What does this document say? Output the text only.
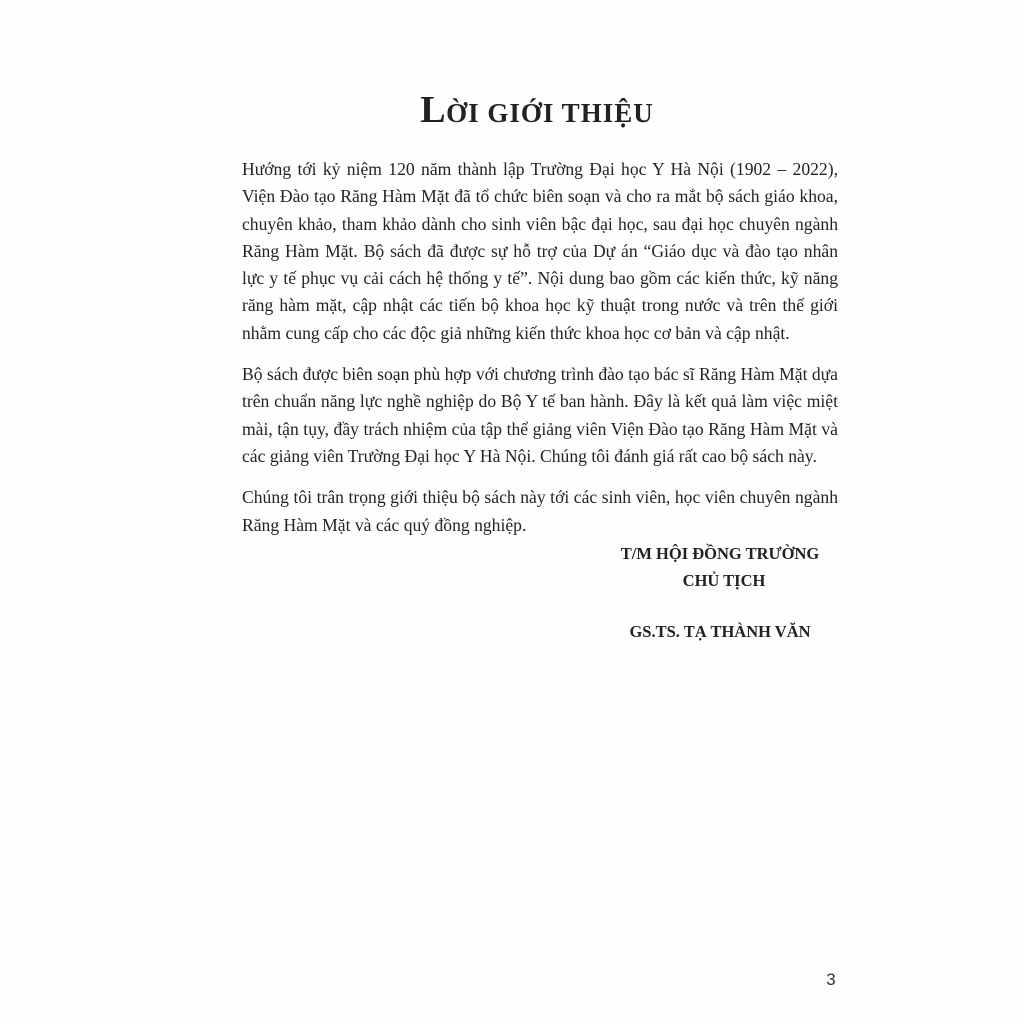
LỜI GIỚI THIỆU

Hướng tới kỷ niệm 120 năm thành lập Trường Đại học Y Hà Nội (1902 – 2022), Viện Đào tạo Răng Hàm Mặt đã tổ chức biên soạn và cho ra mắt bộ sách giáo khoa, chuyên khảo, tham khảo dành cho sinh viên bậc đại học, sau đại học chuyên ngành Răng Hàm Mặt. Bộ sách đã được sự hỗ trợ của Dự án “Giáo dục và đào tạo nhân lực y tế phục vụ cải cách hệ thống y tế”. Nội dung bao gồm các kiến thức, kỹ năng răng hàm mặt, cập nhật các tiến bộ khoa học kỹ thuật trong nước và trên thế giới nhằm cung cấp cho các độc giả những kiến thức khoa học cơ bản và cập nhật.

Bộ sách được biên soạn phù hợp với chương trình đào tạo bác sĩ Răng Hàm Mặt dựa trên chuẩn năng lực nghề nghiệp do Bộ Y tế ban hành. Đây là kết quả làm việc miệt mài, tận tụy, đầy trách nhiệm của tập thể giảng viên Viện Đào tạo Răng Hàm Mặt và các giảng viên Trường Đại học Y Hà Nội. Chúng tôi đánh giá rất cao bộ sách này.

Chúng tôi trân trọng giới thiệu bộ sách này tới các sinh viên, học viên chuyên ngành Răng Hàm Mặt và các quý đồng nghiệp.

T/M HỘI ĐỒNG TRƯỜNG
CHỦ TỊCH
GS.TS. TẠ THÀNH VĂN
3
